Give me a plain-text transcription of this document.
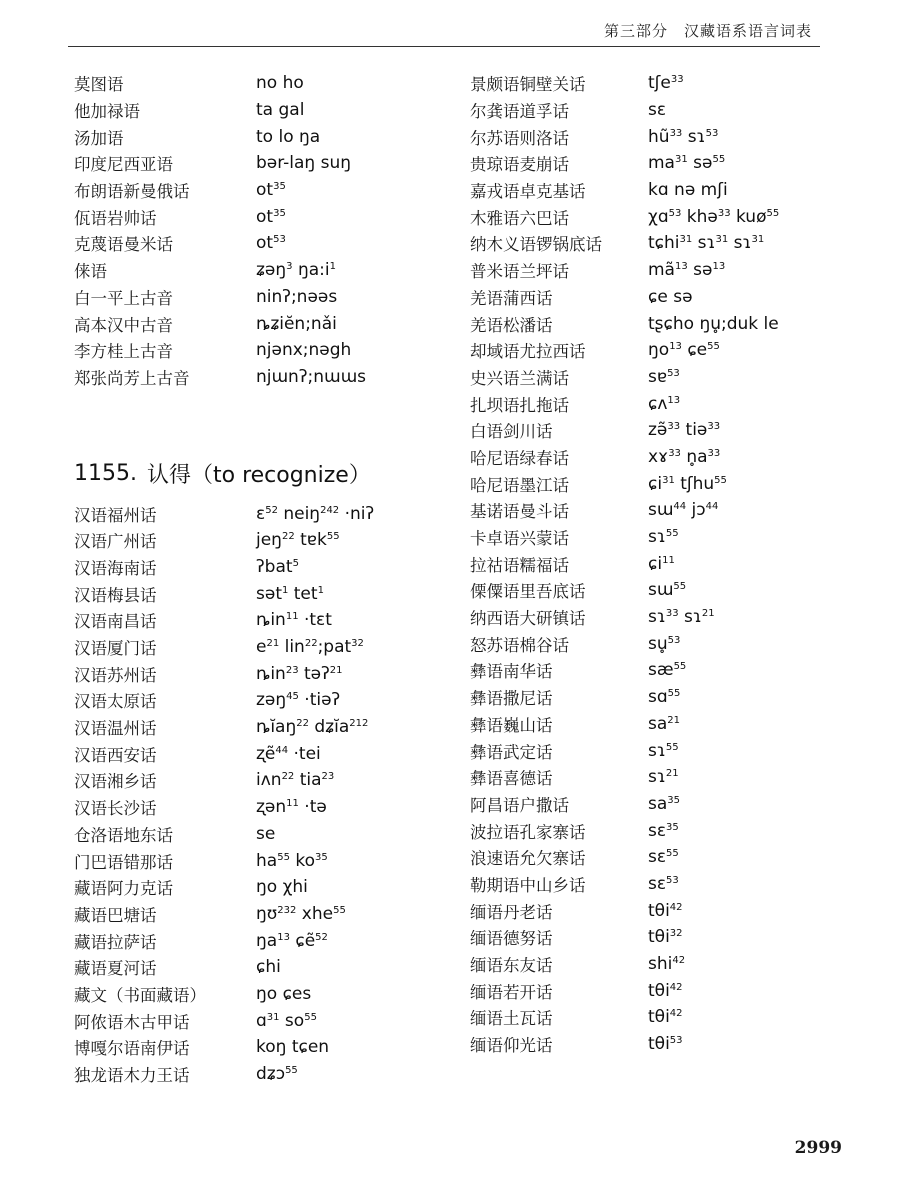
第三部分　汉藏语系语言词表
莫图语	no ho
他加禄语	ta gal
汤加语	to lo ŋa
印度尼西亚语	bər-laŋ suŋ
布朗语新曼俄话	$ot^{35}$
佤语岩帅话	$ot^{35}$
克蔑语曼米话	$ot^{53}$
俫语	ʑəŋ$^3$ $ŋa:i^1$
白一平上古音	ninʔ;nəəs
高本汉中古音	ȵʑiĕn;nǎi
李方桂上古音	njənx;nəgh
郑张尚芳上古音	njɯnʔ;nɯɯs
1155. 认得（to recognize）
汉语福州话	ɛ$^{52}$ neiŋ$^{242}$ ·niʔ
汉语广州话	jeŋ$^{22}$ tɐk$^{55}$
汉语海南话	ʔbat$^5$
汉语梅县话	sət$^1$ tet$^1$
汉语南昌话	ȵin$^{11}$ ·tɛt
汉语厦门话	$e^{21}$ lin$^{22}$;pat$^{32}$
汉语苏州话	ȵin$^{23}$ təʔ$^{21}$
汉语太原话	zəŋ$^{45}$ ·tiəʔ
汉语温州话	ȵĭaŋ$^{22}$ dʑĭa$^{212}$
汉语西安话	ʐẽ$^{44}$ ·tei
汉语湘乡话	iʌn$^{22}$ tia$^{23}$
汉语长沙话	ʐən$^{11}$ ·tə
仓洛语地东话	se
门巴语错那话	$ha^{55}$ $ko^{35}$
藏语阿力克话	ŋo χhi
藏语巴塘话	ŋʊ$^{232}$ xhe$^{55}$
藏语拉萨话	$ŋa^{13}$ ɕẽ$^{52}$
藏语夏河话	ɕhi
藏文（书面藏语）	ŋo ɕes
阿侬语木古甲话	ɑ$^{31}$ $so^{55}$
博嘎尔语南伊话	koŋ tɕen
独龙语木力王话	dʑɔ$^{55}$
景颇语铜壁关话	tʃe$^{33}$
尔龚语道孚话	sɛ
尔苏语则洛话	$hũ^{33}$ sɿ$^{53}$
贵琼语麦崩话	$ma^{31}$ sə$^{55}$
嘉戎语卓克基话	kɑ nə mʃi
木雅语六巴话	χɑ$^{53}$ khə$^{33}$ kuø$^{55}$
纳木义语锣锅底话	tɕhi$^{31}$ sɿ$^{31}$ sɿ$^{31}$
普米语兰坪话	$mã^{13}$ sə$^{13}$
羌语蒲西话	ɕe sə
羌语松潘话	tʂɕho ŋu̥;duk le
却域语尤拉西话	$ŋo^{13}$ ɕe$^{55}$
史兴语兰满话	sɐ$^{53}$
扎坝语扎拖话	ɕʌ$^{13}$
白语剑川话	zə̃$^{33}$ tiə$^{33}$
哈尼语绿春话	xɤ$^{33}$ $n̥a^{33}$
哈尼语墨江话	ɕi$^{31}$ tʃhu$^{55}$
基诺语曼斗话	sɯ$^{44}$ jɔ$^{44}$
卡卓语兴蒙话	sɿ$^{55}$
拉祜语糯福话	ɕi$^{11}$
傈僳语里吾底话	sɯ$^{55}$
纳西语大研镇话	sɿ$^{33}$ sɿ$^{21}$
怒苏语棉谷话	su̥$^{53}$
彝语南华话	$sæ^{55}$
彝语撒尼话	sɑ$^{55}$
彝语巍山话	$sa^{21}$
彝语武定话	sɿ$^{55}$
彝语喜德话	sɿ$^{21}$
阿昌语户撒话	$sa^{35}$
波拉语孔家寨话	sɛ$^{35}$
浪速语允欠寨话	sɛ$^{55}$
勒期语中山乡话	sɛ$^{53}$
缅语丹老话	tθi$^{42}$
缅语德努话	tθi$^{32}$
缅语东友话	shi$^{42}$
缅语若开话	tθi$^{42}$
缅语土瓦话	tθi$^{42}$
缅语仰光话	tθi$^{53}$
2999
